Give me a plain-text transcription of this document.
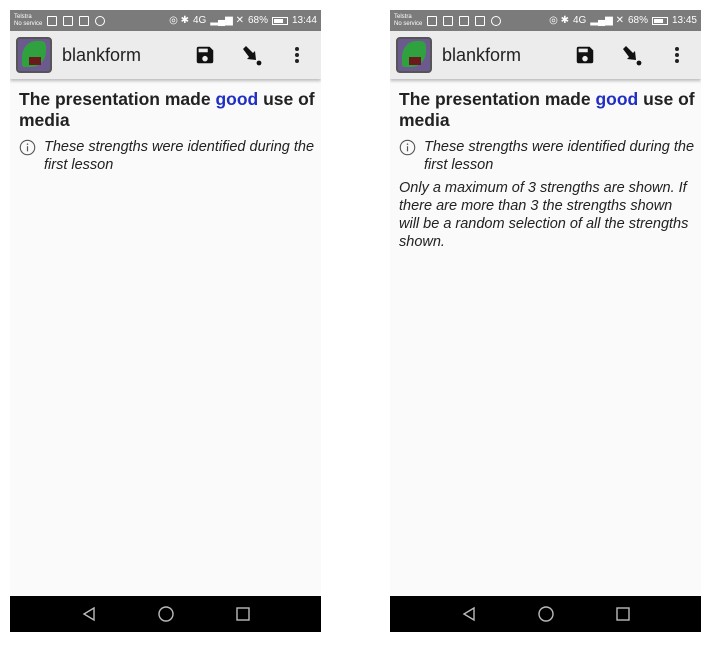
Telstra
No service	◎ ✱ 4G ▂▄▆ ✕ 68% 13:44
blankform
The presentation made good use of media
These strengths were identified during the first lesson
Telstra
No service	◎ ✱ 4G ▂▄▆ ✕ 68% 13:45
blankform
The presentation made good use of media
These strengths were identified during the first lesson
Only a maximum of 3 strengths are shown. If there are more than 3 the strengths shown will be a random selection of all the strengths shown.
